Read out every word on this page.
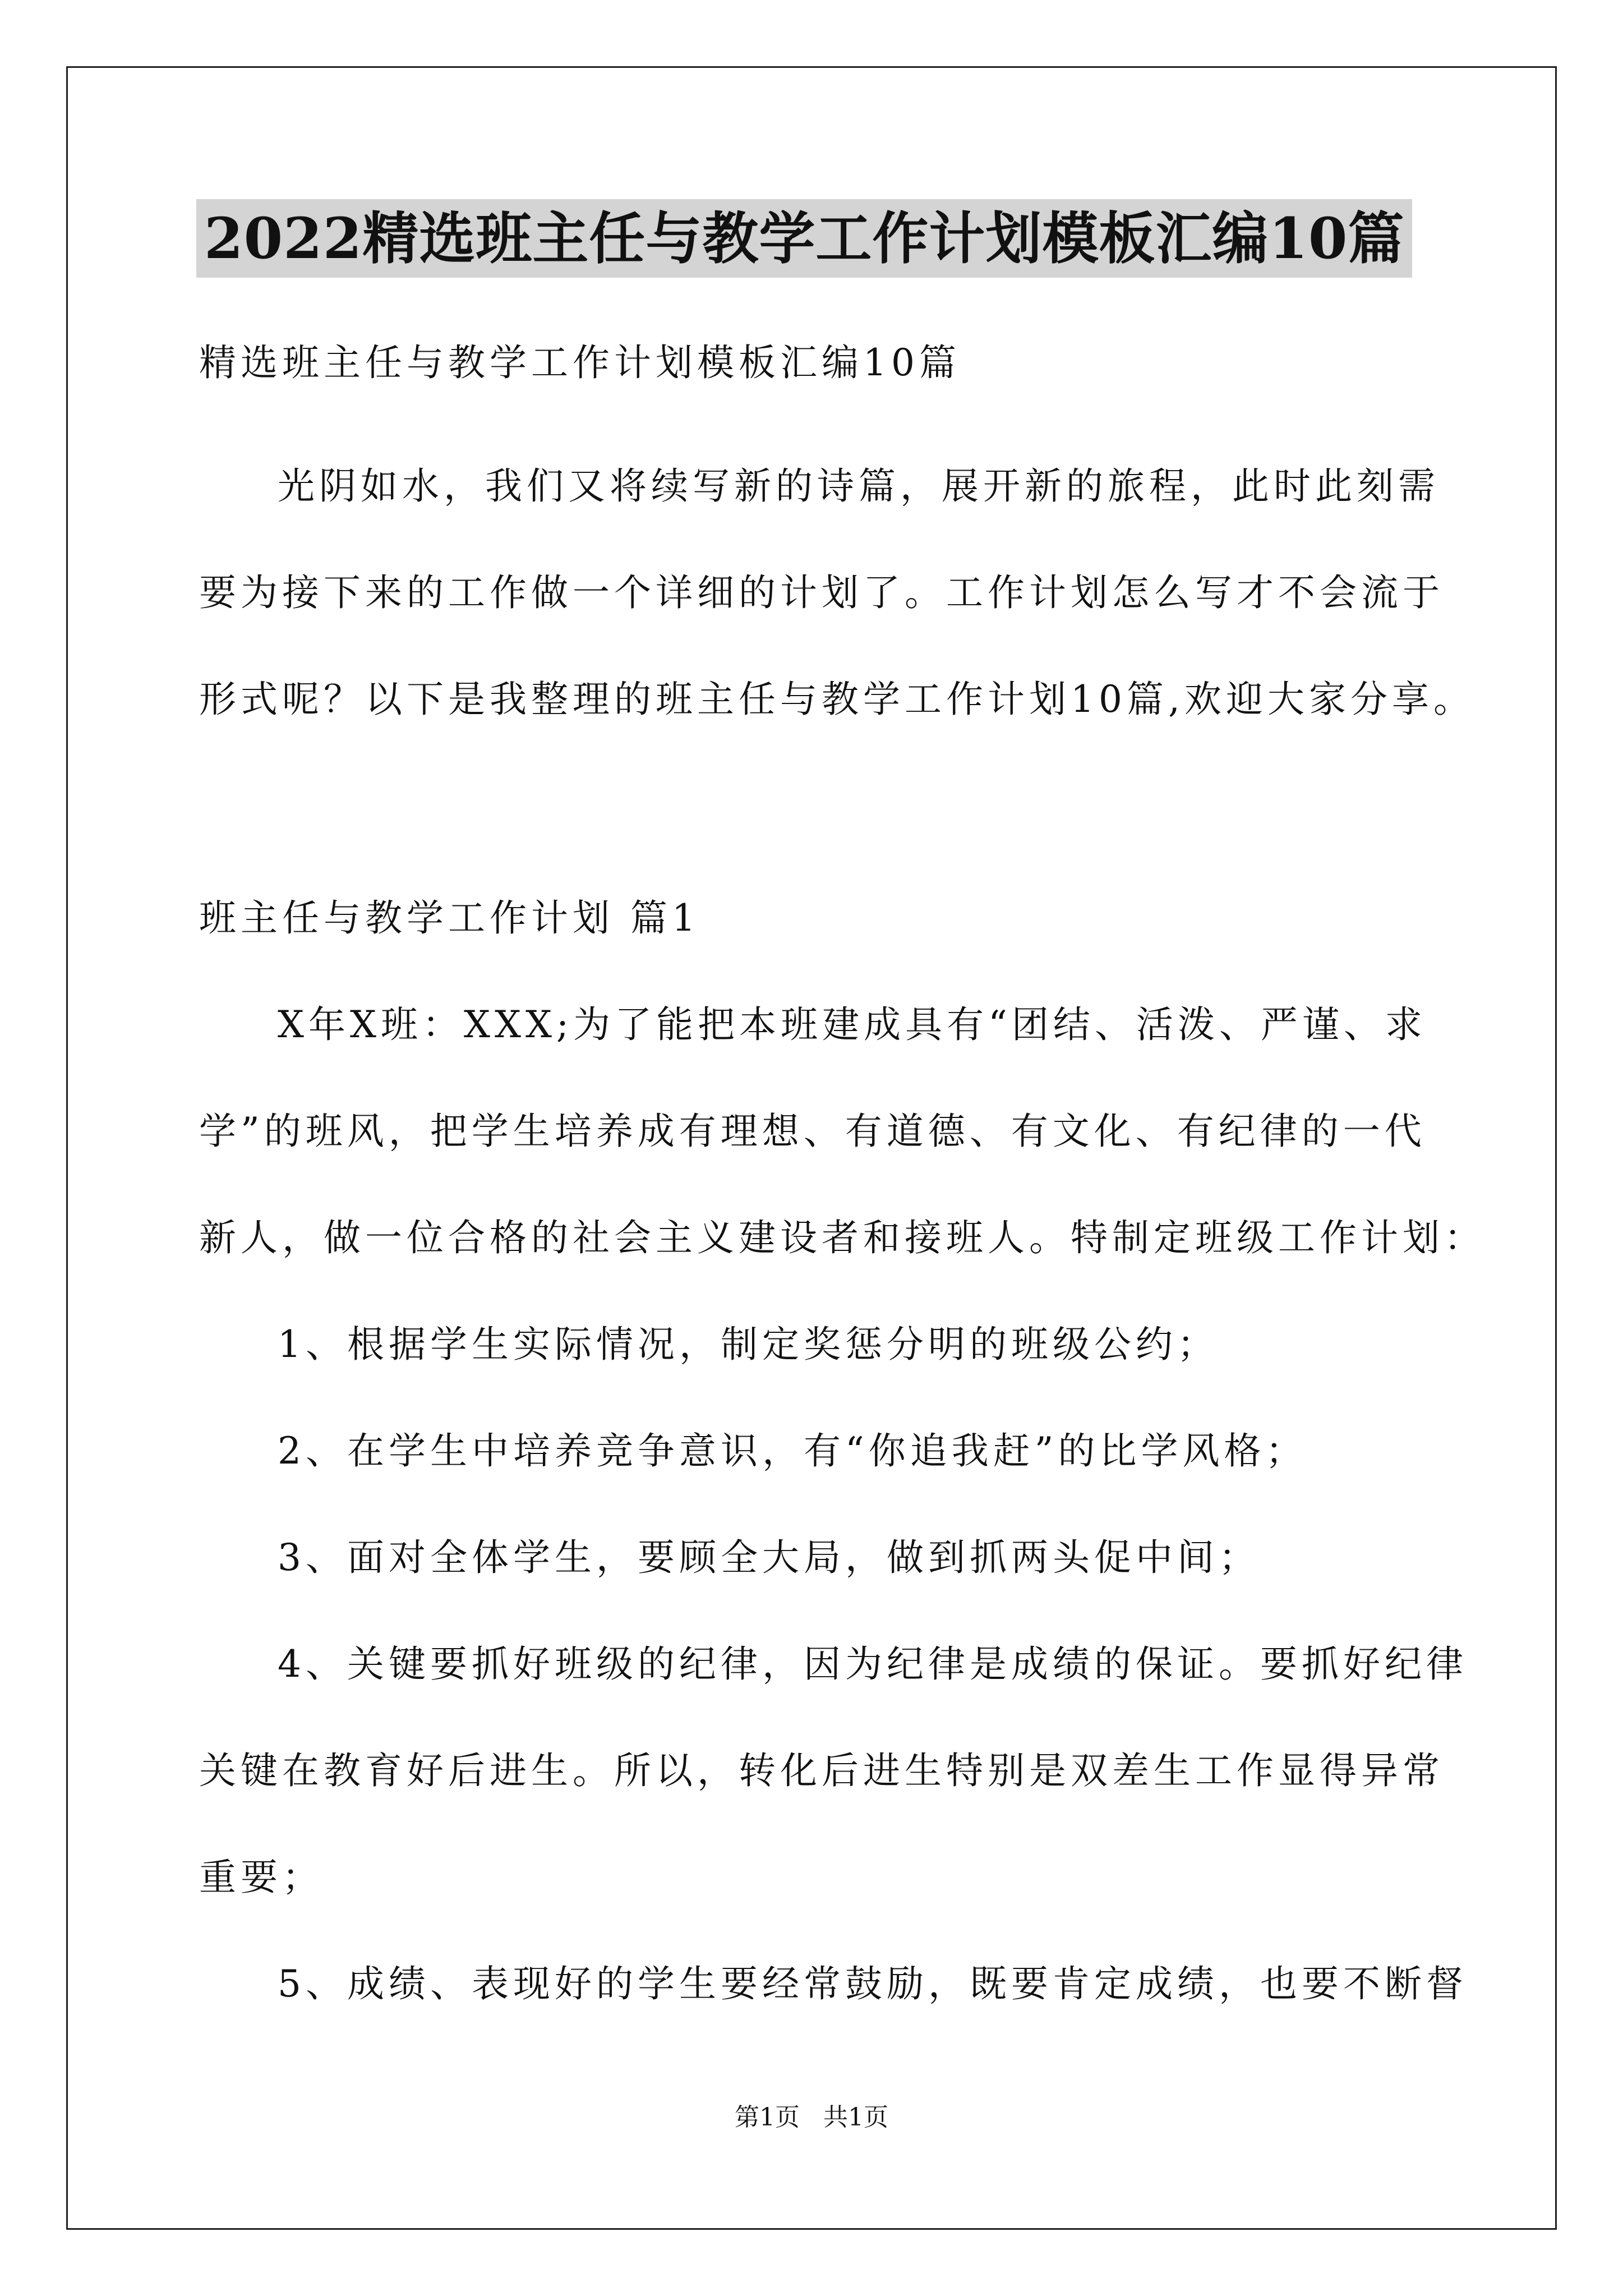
2022精选班主任与教学工作计划模板汇编10篇
精选班主任与教学工作计划模板汇编10篇
光阴如水，我们又将续写新的诗篇，展开新的旅程，此时此刻需
要为接下来的工作做一个详细的计划了。工作计划怎么写才不会流于
形式呢？以下是我整理的班主任与教学工作计划10篇,欢迎大家分享。
班主任与教学工作计划 篇1
X年X班：XXX;为了能把本班建成具有“团结、活泼、严谨、求
学”的班风，把学生培养成有理想、有道德、有文化、有纪律的一代
新人，做一位合格的社会主义建设者和接班人。特制定班级工作计划：
1、根据学生实际情况，制定奖惩分明的班级公约；
2、在学生中培养竞争意识，有“你追我赶”的比学风格；
3、面对全体学生，要顾全大局，做到抓两头促中间；
4、关键要抓好班级的纪律，因为纪律是成绩的保证。要抓好纪律
关键在教育好后进生。所以，转化后进生特别是双差生工作显得异常
重要；
5、成绩、表现好的学生要经常鼓励，既要肯定成绩，也要不断督
第1页 共1页
